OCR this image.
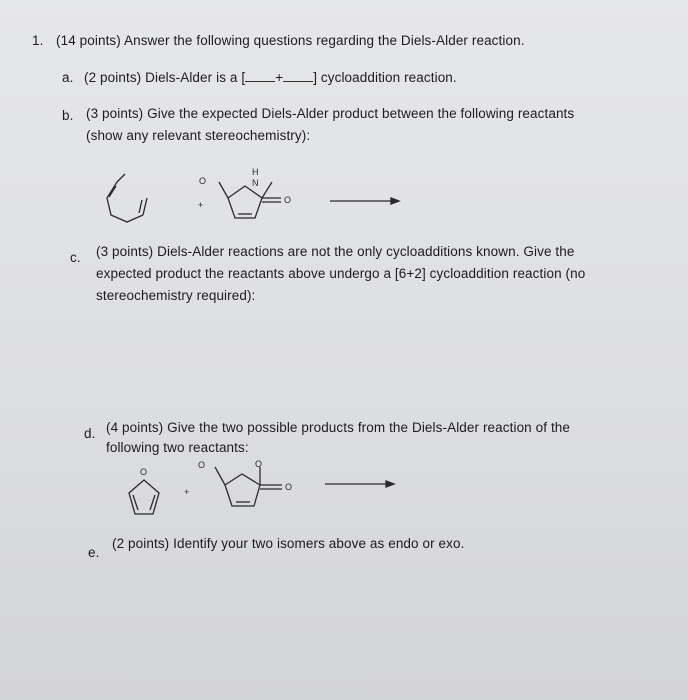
1. (14 points) Answer the following questions regarding the Diels-Alder reaction.
a. (2 points) Diels-Alder is a [ + ] cycloaddition reaction.
b. (3 points) Give the expected Diels-Alder product between the following reactants
(show any relevant stereochemistry):
+
O
H
N
O
c. (3 points) Diels-Alder reactions are not the only cycloadditions known. Give the
expected product the reactants above undergo a [6+2] cycloaddition reaction (no
stereochemistry required):
d. (4 points) Give the two possible products from the Diels-Alder reaction of the
following two reactants:
O
+
O	O
O
e.
(2 points) Identify your two isomers above as endo or exo.
